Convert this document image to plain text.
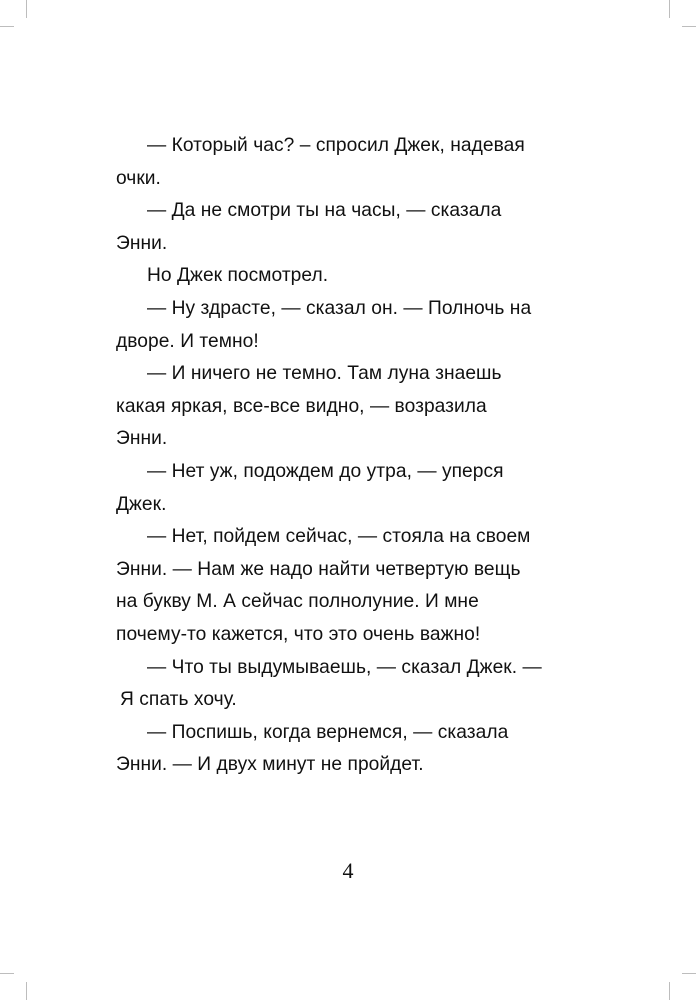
— Который час? – спросил Джек, надевая
очки.
— Да не смотри ты на часы, — сказала
Энни.
Но Джек посмотрел.
— Ну здрасте, — сказал он. — Полночь на
дворе. И темно!
— И ничего не темно. Там луна знаешь
какая яркая, все-все видно, — возразила
Энни.
— Нет уж, подождем до утра, — уперся
Джек.
— Нет, пойдем сейчас, — стояла на своем
Энни. — Нам же надо найти четвертую вещь
на букву М. А сейчас полнолуние. И мне
почему-то кажется, что это очень важно!
— Что ты выдумываешь, — сказал Джек. —
Я спать хочу.
— Поспишь, когда вернемся, — сказала
Энни. — И двух минут не пройдет.
4
